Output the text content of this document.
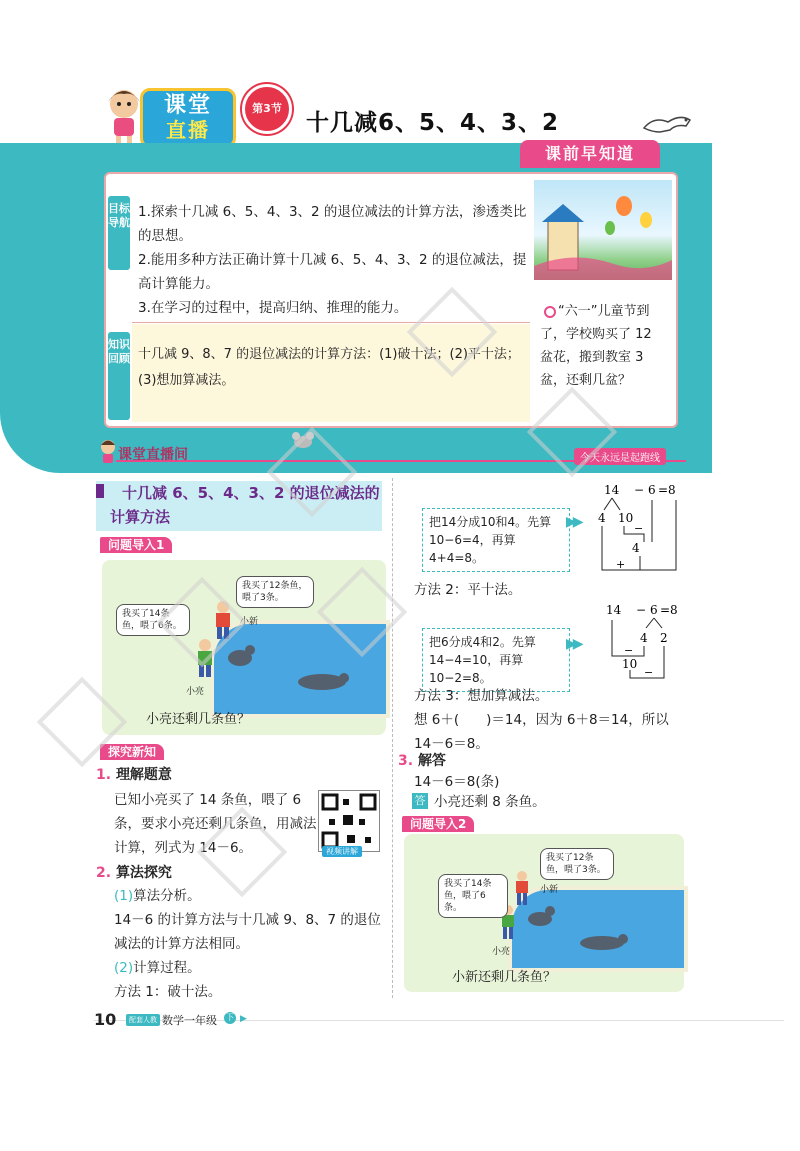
课堂
直播
第3节
十几减6、5、4、3、2
课前早知道
目标导航
1.探索十几减 6、5、4、3、2 的退位减法的计算方法，渗透类比的思想。
2.能用多种方法正确计算十几减 6、5、4、3、2 的退位减法，提高计算能力。
3.在学习的过程中，提高归纳、推理的能力。
知识回顾 十几减 9、8、7 的退位减法的计算方法：(1)破十法；(2)平十法；(3)想加算减法。
“六一”儿童节到了，学校购买了 12 盆花，搬到教室 3 盆，还剩几盆？
课堂直播间	今天永远是起跑线
十几减 6、5、4、3、2 的退位减法的计算方法
问题导入1
我买了14条鱼，喂了6条。
我买了12条鱼，喂了3条。
小亮
小新
小亮还剩几条鱼？
探究新知
1. 理解题意
已知小亮买了 14 条鱼，喂了 6 条，要求小亮还剩几条鱼，用减法计算，列式为 14－6。	视频讲解
2. 算法探究
(1)算法分析。
14－6 的计算方法与十几减 9、8、7 的退位减法的计算方法相同。
(2)计算过程。
方法 1：破十法。
把14分成10和4。先算10−6=4，再算4+4=8。
▶▶
14 − 6 = 8
4 10
−
4
+
方法 2：平十法。
把6分成4和2。先算14−4=10，再算10−2=8。
▶▶
14 − 6 = 8
4 2
−
10
−
方法 3：想加算减法。
想 6＋(　　)＝14，因为 6＋8＝14，所以 14－6＝8。
3. 解答
14－6＝8(条)
答 小亮还剩 8 条鱼。
问题导入2
我买了14条鱼，喂了6条。
我买了12条鱼，喂了3条。
小亮
小新
小新还剩几条鱼？
10	配套人教 数学一年级 下 ▶
